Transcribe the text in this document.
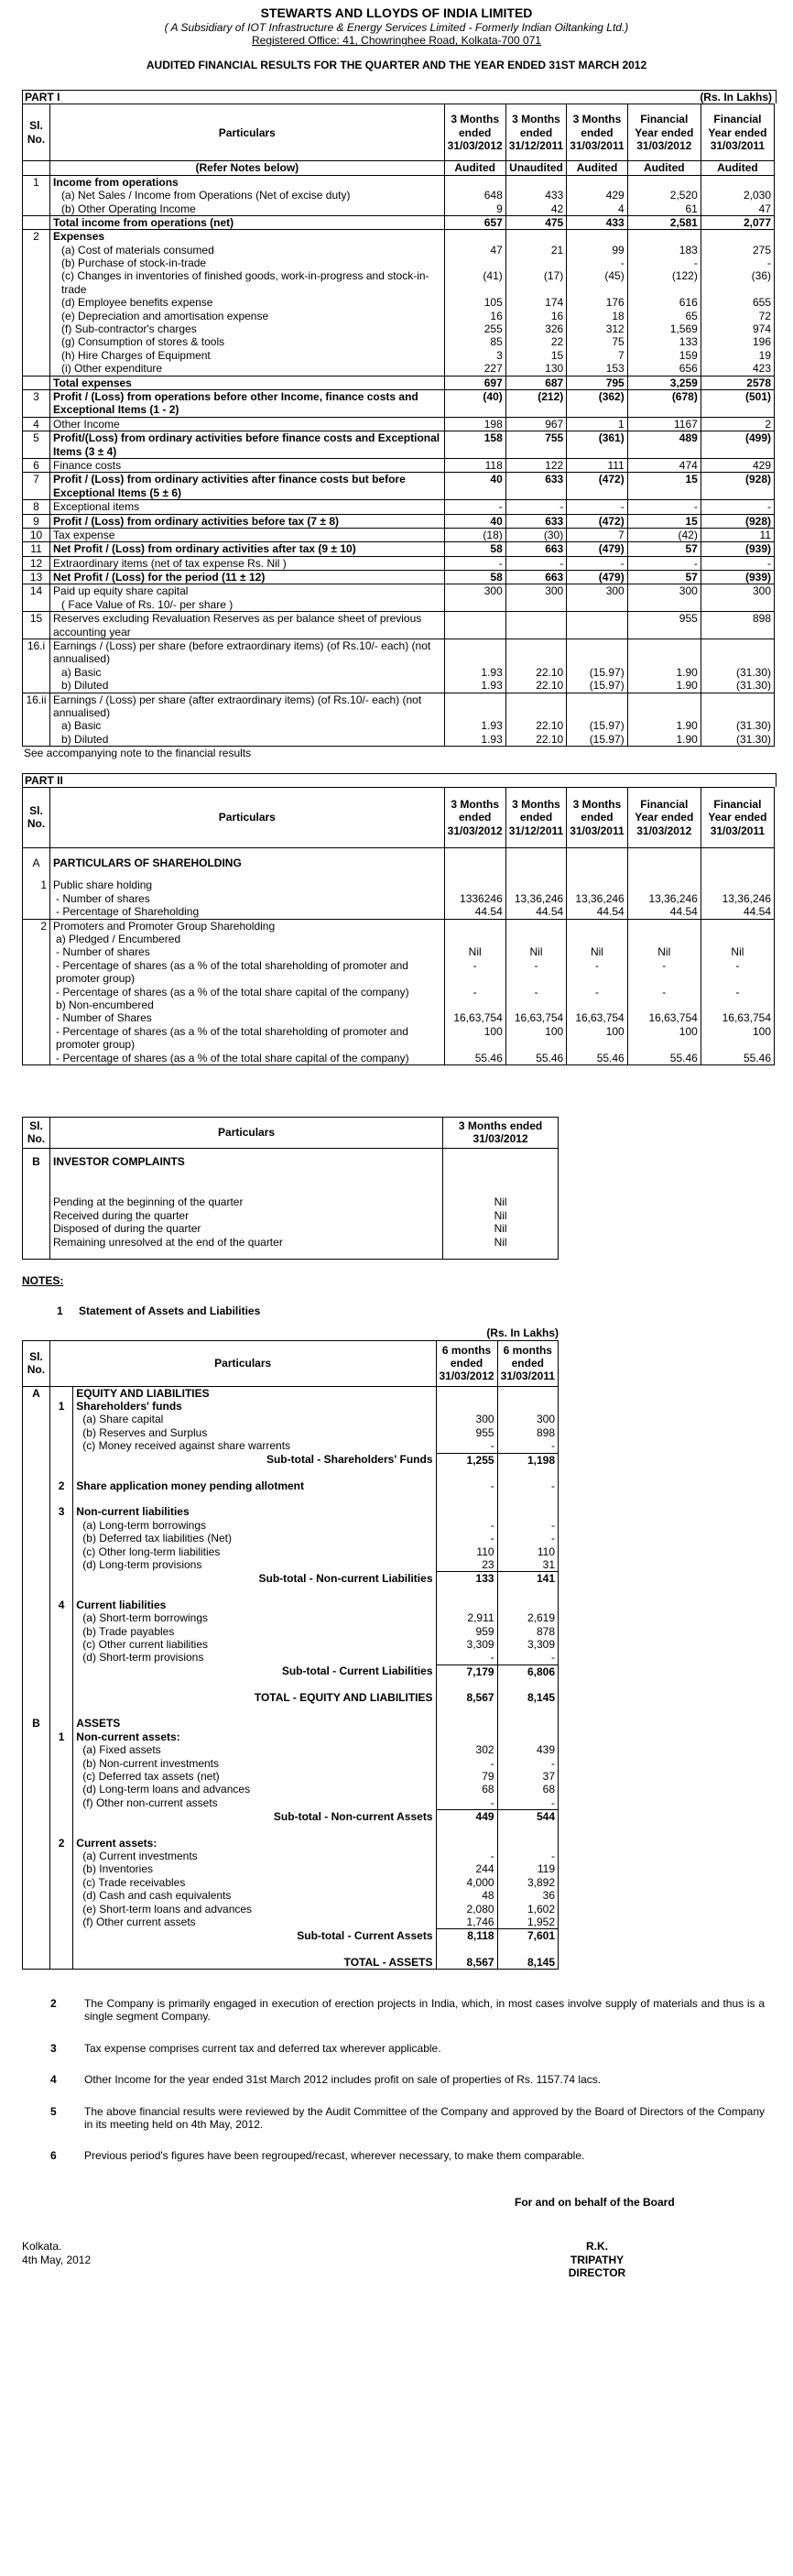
STEWARTS AND LLOYDS OF INDIA LIMITED
( A Subsidiary of IOT Infrastructure & Energy Services Limited - Formerly Indian Oiltanking Ltd.)
Registered Office: 41, Chowringhee Road, Kolkata-700 071
AUDITED FINANCIAL RESULTS FOR THE QUARTER AND THE YEAR ENDED 31ST MARCH 2012
PART I	(Rs. In Lakhs)
Sl. No.	Particulars	3 Months ended 31/03/2012	3 Months ended 31/12/2011	3 Months ended 31/03/2011	Financial Year ended 31/03/2012	Financial Year ended 31/03/2011
	(Refer Notes below)	Audited	Unaudited	Audited	Audited	Audited
1	Income from operations					
	(a) Net Sales / Income from Operations (Net of excise duty)	648	433	429	2,520	2,030
	(b) Other Operating Income	9	42	4	61	47
	Total income from operations (net)	657	475	433	2,581	2,077
2	Expenses					
	(a) Cost of materials consumed	47	21	99	183	275
	(b) Purchase of stock-in-trade			-	-	-
	(c) Changes in inventories of finished goods, work-in-progress and stock-in-trade	(41)	(17)	(45)	(122)	(36)
	(d) Employee benefits expense	105	174	176	616	655
	(e) Depreciation and amortisation expense	16	16	18	65	72
	(f) Sub-contractor's charges	255	326	312	1,569	974
	(g) Consumption of stores & tools	85	22	75	133	196
	(h) Hire Charges of Equipment	3	15	7	159	19
	(i) Other expenditure	227	130	153	656	423
	Total expenses	697	687	795	3,259	2578
3	Profit / (Loss) from operations before other Income, finance costs and Exceptional Items (1 - 2)	(40)	(212)	(362)	(678)	(501)
4	Other Income	198	967	1	1167	2
5	Profit/(Loss) from ordinary activities before finance costs and Exceptional Items (3 ± 4)	158	755	(361)	489	(499)
6	Finance costs	118	122	111	474	429
7	Profit / (Loss) from ordinary activities after finance costs but before Exceptional Items (5 ± 6)	40	633	(472)	15	(928)
8	Exceptional items	-	-	-	-	-
9	Profit / (Loss) from ordinary activities before tax (7 ± 8)	40	633	(472)	15	(928)
10	Tax expense	(18)	(30)	7	(42)	11
11	Net Profit / (Loss) from ordinary activities after tax (9 ± 10)	58	663	(479)	57	(939)
12	Extraordinary items (net of tax expense Rs. Nil )	-	-	-	-	-
13	Net Profit / (Loss) for the period (11 ± 12)	58	663	(479)	57	(939)
14	Paid up equity share capital	300	300	300	300	300
	( Face Value of Rs. 10/- per share )					
15	Reserves excluding Revaluation Reserves as per balance sheet of previous accounting year				955	898
16.i	Earnings / (Loss) per share (before extraordinary items) (of Rs.10/- each) (not annualised)					
	a) Basic	1.93	22.10	(15.97)	1.90	(31.30)
	b) Diluted	1.93	22.10	(15.97)	1.90	(31.30)
16.ii	Earnings / (Loss) per share (after extraordinary items) (of Rs.10/- each) (not annualised)					
	a) Basic	1.93	22.10	(15.97)	1.90	(31.30)
	b) Diluted	1.93	22.10	(15.97)	1.90	(31.30)
See accompanying note to the financial results
PART II
Sl. No.	Particulars	3 Months ended 31/03/2012	3 Months ended 31/12/2011	3 Months ended 31/03/2011	Financial Year ended 31/03/2012	Financial Year ended 31/03/2011
A	PARTICULARS OF SHAREHOLDING					
1	Public share holding					
	- Number of shares	1336246	13,36,246	13,36,246	13,36,246	13,36,246
	- Percentage of Shareholding	44.54	44.54	44.54	44.54	44.54
2	Promoters and Promoter Group Shareholding					
	a) Pledged / Encumbered					
	- Number of shares	Nil	Nil	Nil	Nil	Nil
	- Percentage of shares (as a % of the total shareholding of promoter and promoter group)	-	-	-	-	-
	- Percentage of shares (as a % of the total share capital of the company)	-	-	-	-	-
	b) Non-encumbered					
	- Number of Shares	16,63,754	16,63,754	16,63,754	16,63,754	16,63,754
	- Percentage of shares (as a % of the total shareholding of promoter and promoter group)	100	100	100	100	100
	- Percentage of shares (as a % of the total share capital of the company)	55.46	55.46	55.46	55.46	55.46
Sl. No.	Particulars	3 Months ended 31/03/2012
B	INVESTOR COMPLAINTS	

	Pending at the beginning of the quarter	Nil
	Received during the quarter	Nil
	Disposed of during the quarter	Nil
	Remaining unresolved at the end of the quarter	Nil

NOTES:
1	Statement of Assets and Liabilities
(Rs. In Lakhs)
Sl. No.	Particulars		6 months ended 31/03/2012	6 months ended 31/03/2011
A		EQUITY AND LIABILITIES		
	1	Shareholders' funds		
		(a) Share capital	300	300
		(b) Reserves and Surplus	955	898
		(c) Money received against share warrents	-	-
		Sub-total - Shareholders' Funds	1,255	1,198

	2	Share application money pending allotment	-	-

	3	Non-current liabilities		
		(a) Long-term borrowings	-	-
		(b) Deferred tax liabilities (Net)	-	-
		(c) Other long-term liabilities	110	110
		(d) Long-term provisions	23	31
		Sub-total - Non-current Liabilities	133	141

	4	Current liabilities		
		(a) Short-term borrowings	2,911	2,619
		(b) Trade payables	959	878
		(c) Other current liabilities	3,309	3,309
		(d) Short-term provisions	-	-
		Sub-total - Current Liabilities	7,179	6,806

		TOTAL - EQUITY AND LIABILITIES	8,567	8,145

B		ASSETS		
	1	Non-current assets:		
		(a) Fixed assets	302	439
		(b) Non-current investments	-	-
		(c) Deferred tax assets (net)	79	37
		(d) Long-term loans and advances	68	68
		(f) Other non-current assets	-	-
		Sub-total - Non-current Assets	449	544

	2	Current assets:		
		(a) Current investments	-	-
		(b) Inventories	244	119
		(c) Trade receivables	4,000	3,892
		(d) Cash and cash equivalents	48	36
		(e) Short-term loans and advances	2,080	1,602
		(f) Other current assets	1,746	1,952
		Sub-total - Current Assets	8,118	7,601

		TOTAL - ASSETS	8,567	8,145
2	The Company is primarily engaged in execution of erection projects in India, which, in most cases involve supply of materials and thus is a single segment Company.
3	Tax expense comprises current tax and deferred tax wherever applicable.
4	Other Income for the year ended 31st March 2012 includes profit on sale of properties of Rs. 1157.74 lacs.
5	The above financial results were reviewed by the Audit Committee of the Company and approved by the Board of Directors of the Company in its meeting held on 4th May, 2012.
6	Previous period's figures have been regrouped/recast, wherever necessary, to make them comparable.
For and on behalf of the Board
Kolkata.
4th May, 2012
R.K. TRIPATHY
DIRECTOR
